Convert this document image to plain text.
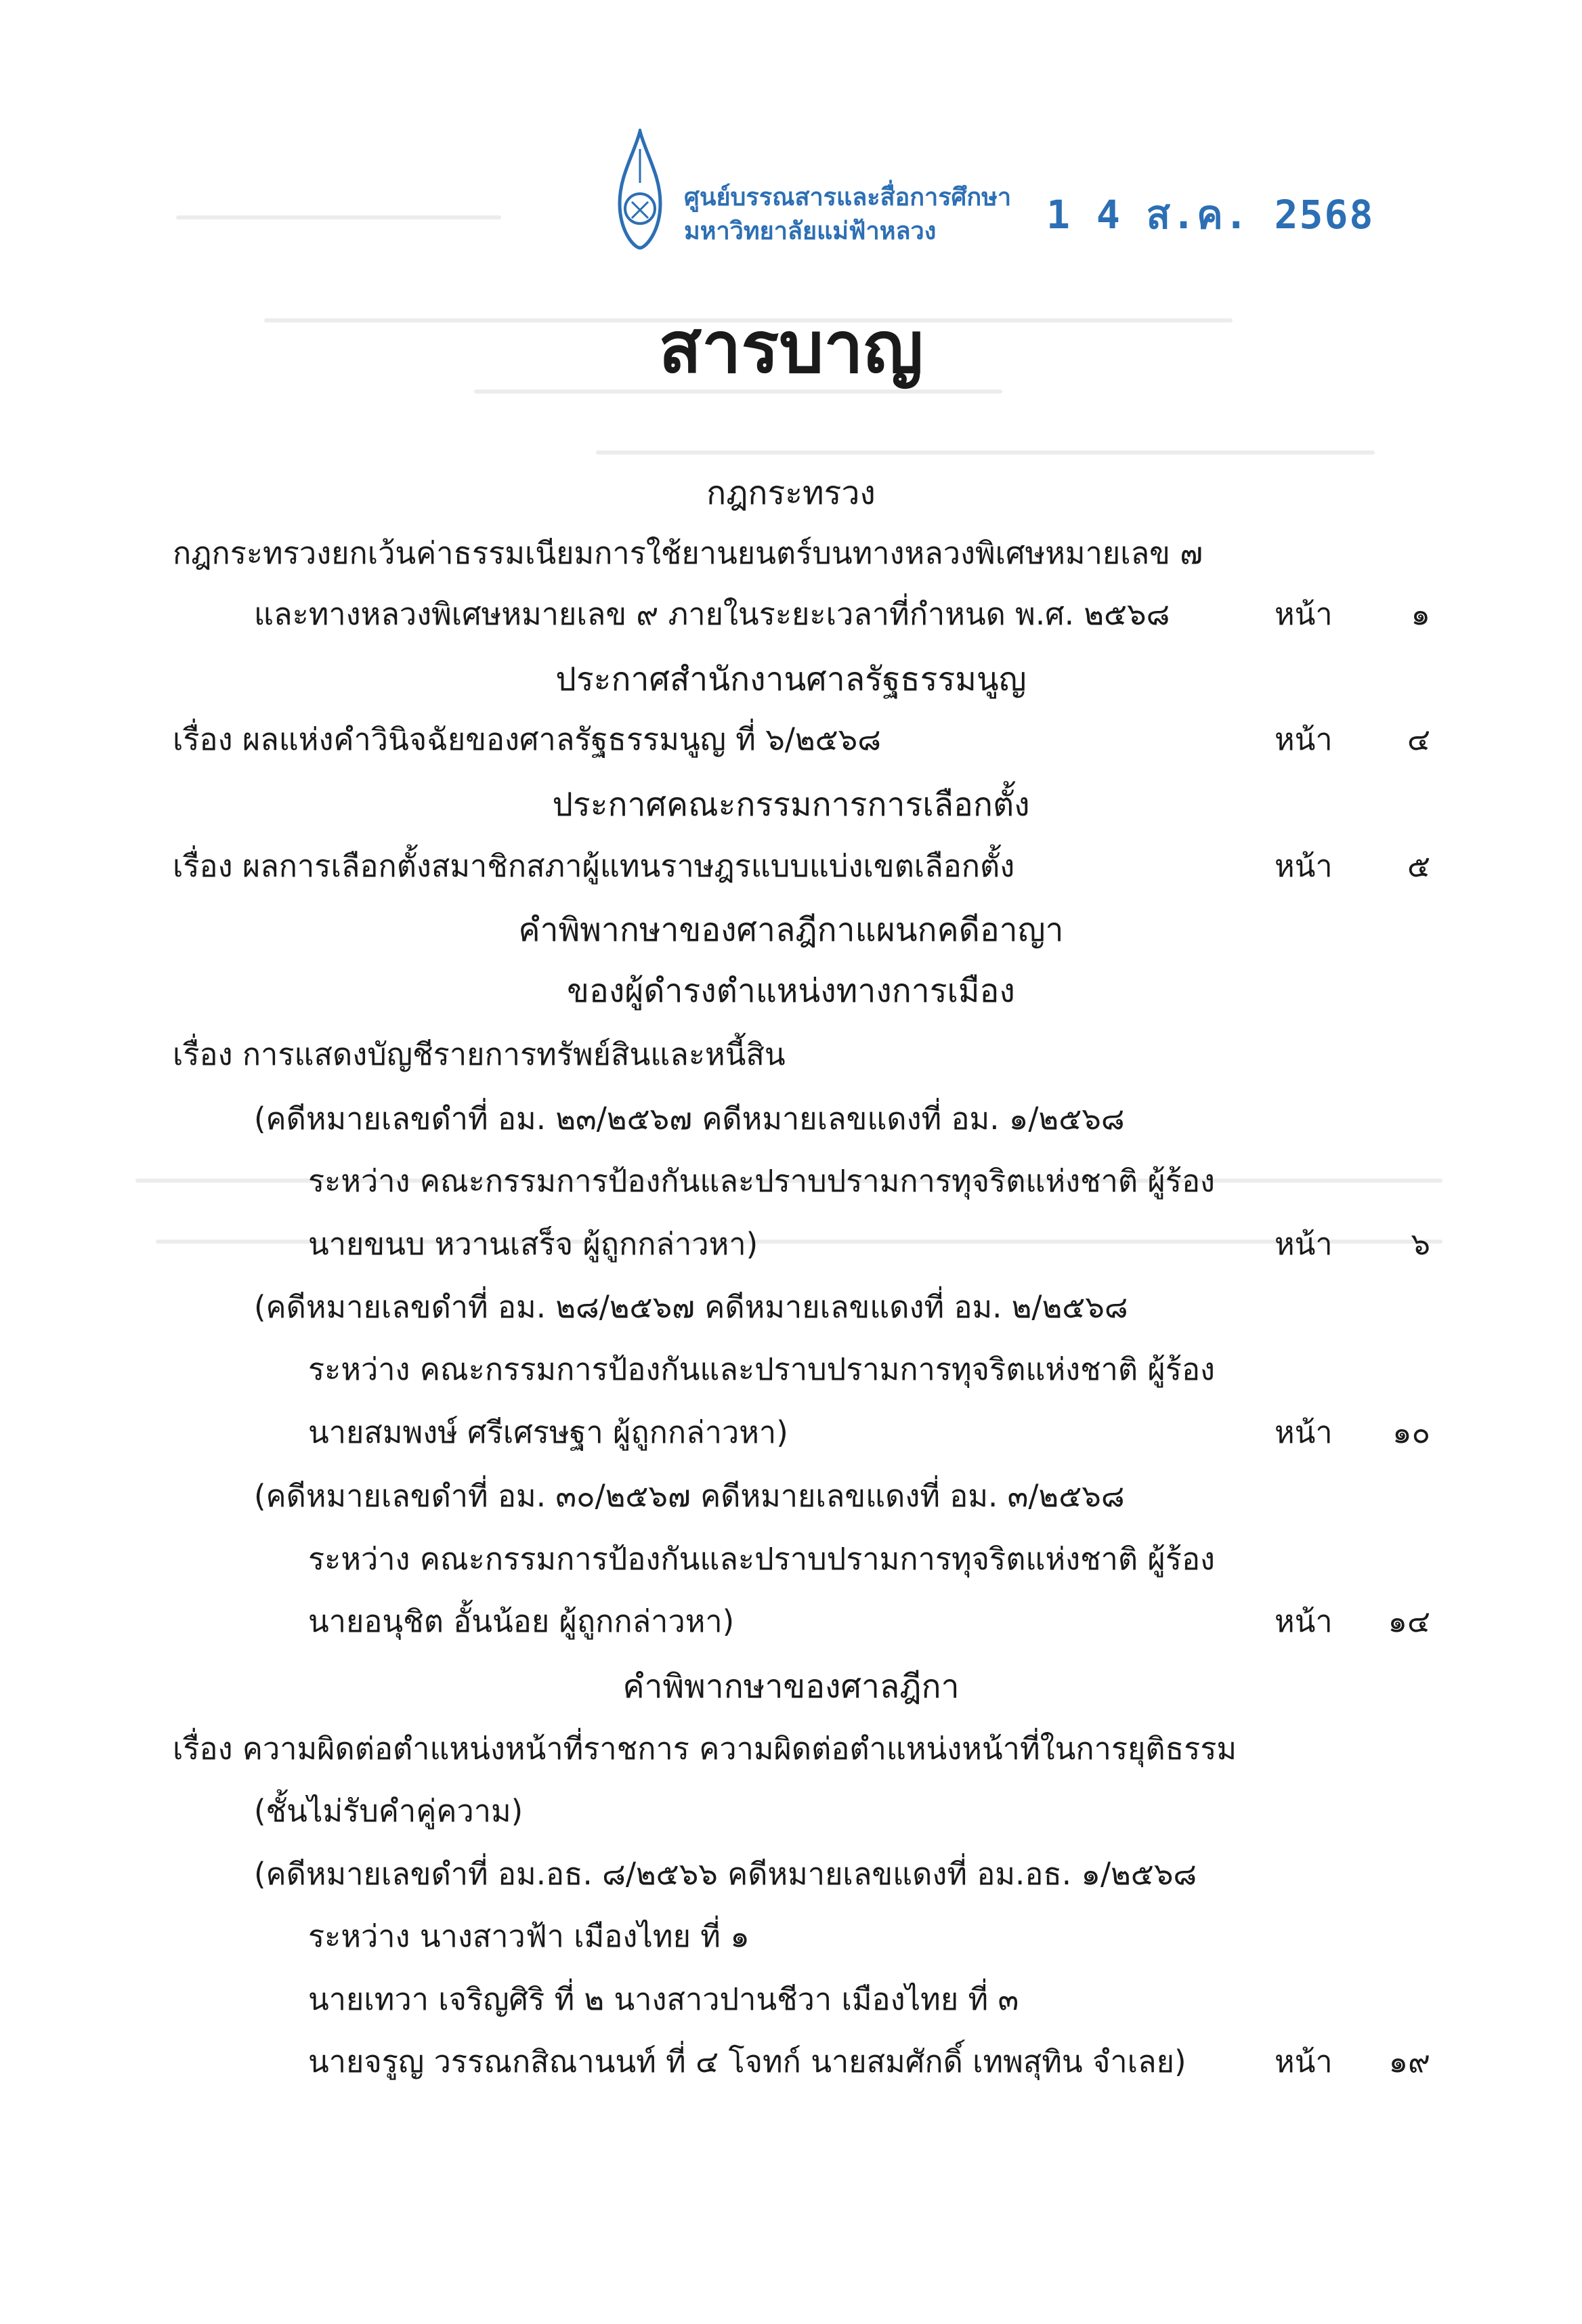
ศูนย์บรรณสารและสื่อการศึกษา
มหาวิทยาลัยแม่ฟ้าหลวง	1 4 ส.ค. 2568
สารบาญ
กฎกระทรวง
กฎกระทรวงยกเว้นค่าธรรมเนียมการใช้ยานยนตร์บนทางหลวงพิเศษหมายเลข ๗
และทางหลวงพิเศษหมายเลข ๙ ภายในระยะเวลาที่กำหนด พ.ศ. ๒๕๖๘	หน้า	๑
ประกาศสำนักงานศาลรัฐธรรมนูญ
เรื่อง ผลแห่งคำวินิจฉัยของศาลรัฐธรรมนูญ ที่ ๖/๒๕๖๘	หน้า ๔
ประกาศคณะกรรมการการเลือกตั้ง
เรื่อง ผลการเลือกตั้งสมาชิกสภาผู้แทนราษฎรแบบแบ่งเขตเลือกตั้ง	หน้า ๕
คำพิพากษาของศาลฎีกาแผนกคดีอาญา
ของผู้ดำรงตำแหน่งทางการเมือง
เรื่อง การแสดงบัญชีรายการทรัพย์สินและหนี้สิน
(คดีหมายเลขดำที่ อม. ๒๓/๒๕๖๗ คดีหมายเลขแดงที่ อม. ๑/๒๕๖๘
ระหว่าง คณะกรรมการป้องกันและปราบปรามการทุจริตแห่งชาติ ผู้ร้อง
นายขนบ หวานเสร็จ ผู้ถูกกล่าวหา)	หน้า	๖
(คดีหมายเลขดำที่ อม. ๒๘/๒๕๖๗ คดีหมายเลขแดงที่ อม. ๒/๒๕๖๘
ระหว่าง คณะกรรมการป้องกันและปราบปรามการทุจริตแห่งชาติ ผู้ร้อง
นายสมพงษ์ ศรีเศรษฐา ผู้ถูกกล่าวหา)	หน้า ๑๐
(คดีหมายเลขดำที่ อม. ๓๐/๒๕๖๗ คดีหมายเลขแดงที่ อม. ๓/๒๕๖๘
ระหว่าง คณะกรรมการป้องกันและปราบปรามการทุจริตแห่งชาติ ผู้ร้อง
นายอนุชิต อั้นน้อย ผู้ถูกกล่าวหา)	หน้า ๑๔
คำพิพากษาของศาลฎีกา
เรื่อง ความผิดต่อตำแหน่งหน้าที่ราชการ ความผิดต่อตำแหน่งหน้าที่ในการยุติธรรม
(ชั้นไม่รับคำคู่ความ)
(คดีหมายเลขดำที่ อม.อธ. ๘/๒๕๖๖ คดีหมายเลขแดงที่ อม.อธ. ๑/๒๕๖๘
ระหว่าง นางสาวฟ้า เมืองไทย ที่ ๑
นายเทวา เจริญศิริ ที่ ๒ นางสาวปานชีวา เมืองไทย ที่ ๓
นายจรูญ วรรณกสิณานนท์ ที่ ๔ โจทก์ นายสมศักดิ์ เทพสุทิน จำเลย)	หน้า ๑๙
